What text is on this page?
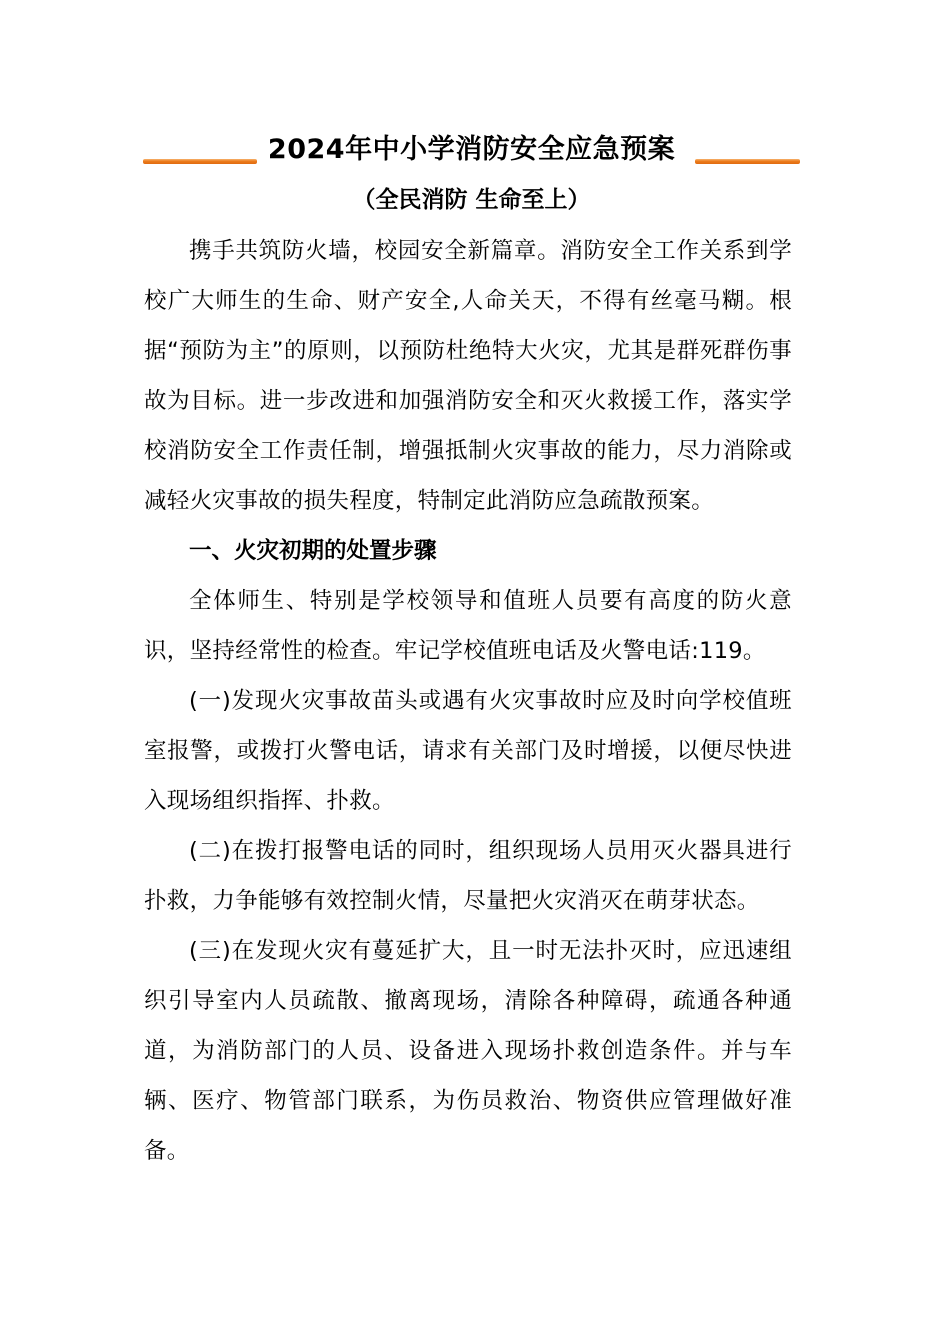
2024年中小学消防安全应急预案
（全民消防 生命至上）

携手共筑防火墙，校园安全新篇章。消防安全工作关系到学校广大师生的生命、财产安全,人命关天，不得有丝毫马糊。根据“预防为主”的原则，以预防杜绝特大火灾，尤其是群死群伤事故为目标。进一步改进和加强消防安全和灭火救援工作，落实学校消防安全工作责任制，增强抵制火灾事故的能力，尽力消除或减轻火灾事故的损失程度，特制定此消防应急疏散预案。

一、火灾初期的处置步骤

全体师生、特别是学校领导和值班人员要有高度的防火意识，坚持经常性的检查。牢记学校值班电话及火警电话:119。

(一)发现火灾事故苗头或遇有火灾事故时应及时向学校值班室报警，或拨打火警电话，请求有关部门及时增援，以便尽快进入现场组织指挥、扑救。

(二)在拨打报警电话的同时，组织现场人员用灭火器具进行扑救，力争能够有效控制火情，尽量把火灾消灭在萌芽状态。

(三)在发现火灾有蔓延扩大，且一时无法扑灭时，应迅速组织引导室内人员疏散、撤离现场，清除各种障碍，疏通各种通道，为消防部门的人员、设备进入现场扑救创造条件。并与车辆、医疗、物管部门联系，为伤员救治、物资供应管理做好准备。
